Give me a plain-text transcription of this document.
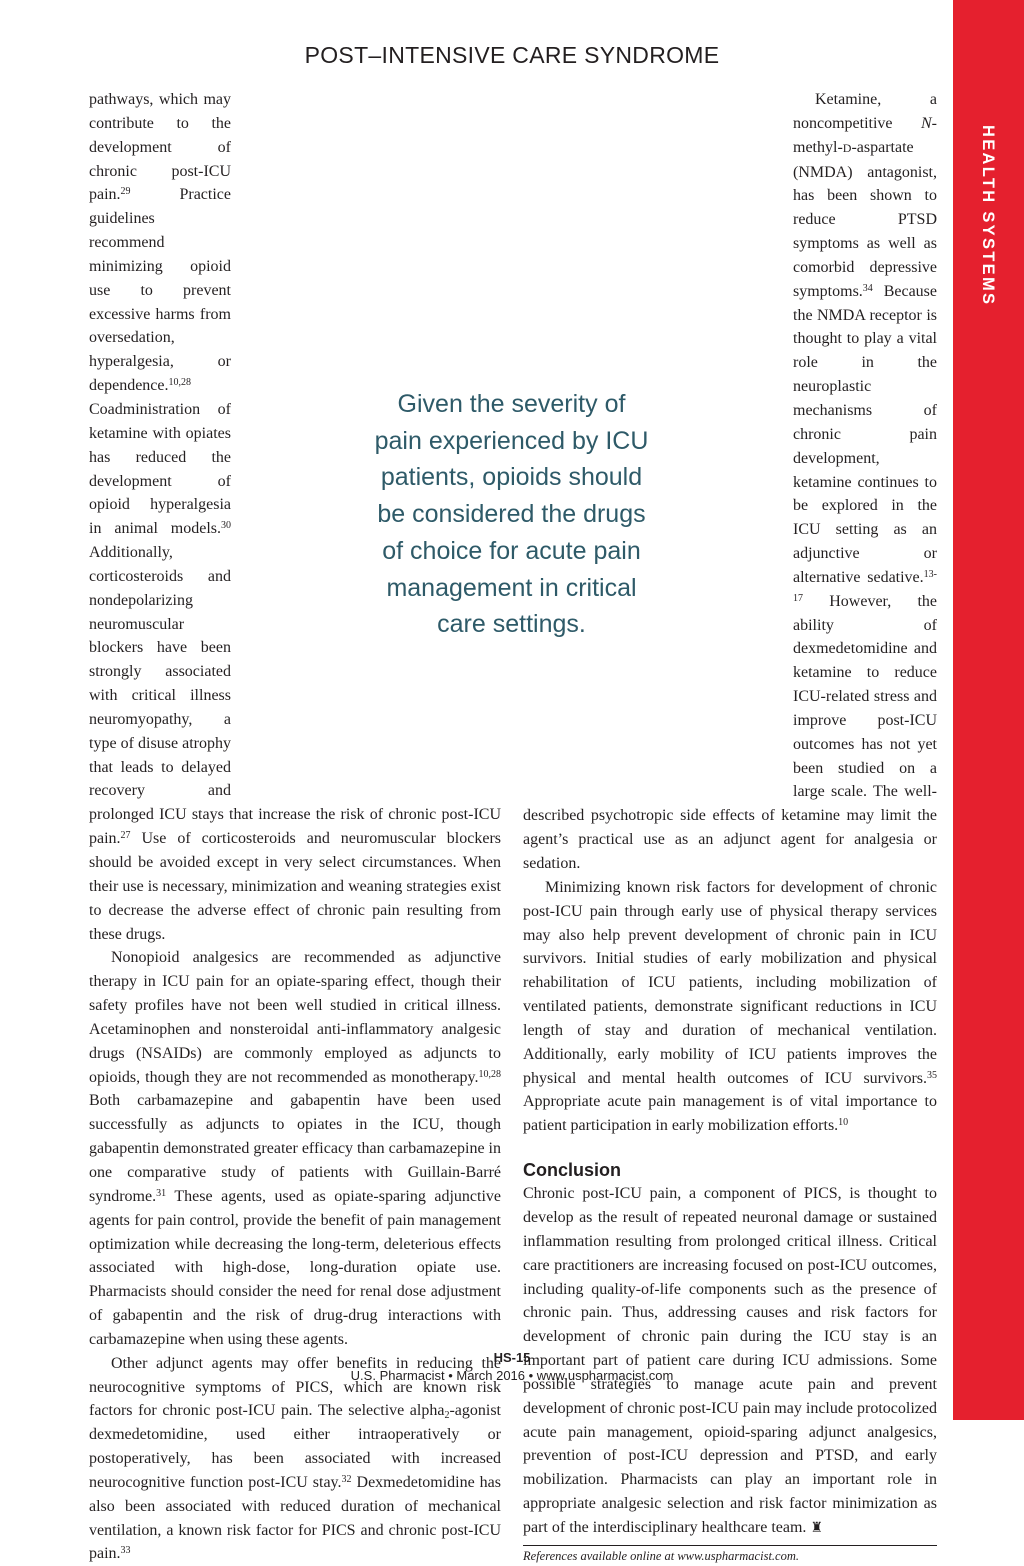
POST–INTENSIVE CARE SYNDROME
HEALTH SYSTEMS EDITION

pathways, which may contribute to the development of chronic post-ICU pain.$^{29}$ Practice guidelines recommend minimizing opioid use to prevent excessive harms from oversedation, hyperalgesia, or dependence.$^{10,28}$ Coadministration of ketamine with opiates has reduced the development of opioid hyperalgesia in animal models.$^{30}$ Additionally, corticosteroids and nondepolarizing neuromuscular blockers have been strongly associated with critical illness neuromyopathy, a type of disuse atrophy that leads to delayed recovery and prolonged ICU stays that increase the risk of chronic post-ICU pain.$^{27}$ Use of corticosteroids and neuromuscular blockers should be avoided except in very select circumstances. When their use is necessary, minimization and weaning strategies exist to decrease the adverse effect of chronic pain resulting from these drugs.

Nonopioid analgesics are recommended as adjunctive therapy in ICU pain for an opiate-sparing effect, though their safety profiles have not been well studied in critical illness. Acetaminophen and nonsteroidal anti-inflammatory analgesic drugs (NSAIDs) are commonly employed as adjuncts to opioids, though they are not recommended as monotherapy.$^{10,28}$ Both carbamazepine and gabapentin have been used successfully as adjuncts to opiates in the ICU, though gabapentin demonstrated greater efficacy than carbamazepine in one comparative study of patients with Guillain-Barré syndrome.$^{31}$ These agents, used as opiate-sparing adjunctive agents for pain control, provide the benefit of pain management optimization while decreasing the long-term, deleterious effects associated with high-dose, long-duration opiate use. Pharmacists should consider the need for renal dose adjustment of gabapentin and the risk of drug-drug interactions with carbamazepine when using these agents.

Other adjunct agents may offer benefits in reducing the neurocognitive symptoms of PICS, which are known risk factors for chronic post-ICU pain. The selective alpha$_2$-agonist dexmedetomidine, used either intraoperatively or postoperatively, has been associated with increased neurocognitive function post-ICU stay.$^{32}$ Dexmedetomidine has also been associated with reduced duration of mechanical ventilation, a known risk factor for PICS and chronic post-ICU pain.$^{33}$

Ketamine, a noncompetitive N-methyl-D-aspartate (NMDA) antagonist, has been shown to reduce PTSD symptoms as well as comorbid depressive symptoms.$^{34}$ Because the NMDA receptor is thought to play a vital role in the neuroplastic mechanisms of chronic pain development, ketamine continues to be explored in the ICU setting as an adjunctive or alternative sedative.$^{13-17}$ However, the ability of dexmedetomidine and ketamine to reduce ICU-related stress and improve post-ICU outcomes has not yet been studied on a large scale. The well-described psychotropic side effects of ketamine may limit the agent’s practical use as an adjunct agent for analgesia or sedation.

Minimizing known risk factors for development of chronic post-ICU pain through early use of physical therapy services may also help prevent development of chronic pain in ICU survivors. Initial studies of early mobilization and physical rehabilitation of ICU patients, including mobilization of ventilated patients, demonstrate significant reductions in ICU length of stay and duration of mechanical ventilation. Additionally, early mobility of ICU patients improves the physical and mental health outcomes of ICU survivors.$^{35}$ Appropriate acute pain management is of vital importance to patient participation in early mobilization efforts.$^{10}$

Conclusion

Chronic post-ICU pain, a component of PICS, is thought to develop as the result of repeated neuronal damage or sustained inflammation resulting from prolonged critical illness. Critical care practitioners are increasing focused on post-ICU outcomes, including quality-of-life components such as the presence of chronic pain. Thus, addressing causes and risk factors for development of chronic pain during the ICU stay is an important part of patient care during ICU admissions. Some possible strategies to manage acute pain and prevent development of chronic post-ICU pain may include protocolized acute pain management, opioid-sparing adjunct analgesics, prevention of post-ICU depression and PTSD, and early mobilization. Pharmacists can play an important role in appropriate analgesic selection and risk factor minimization as part of the interdisciplinary healthcare team. ♜

References available online at www.uspharmacist.com.
Given the severity of pain experienced by ICU patients, opioids should be considered the drugs of choice for acute pain management in critical care settings.
HS-15
U.S. Pharmacist • March 2016 • www.uspharmacist.com
